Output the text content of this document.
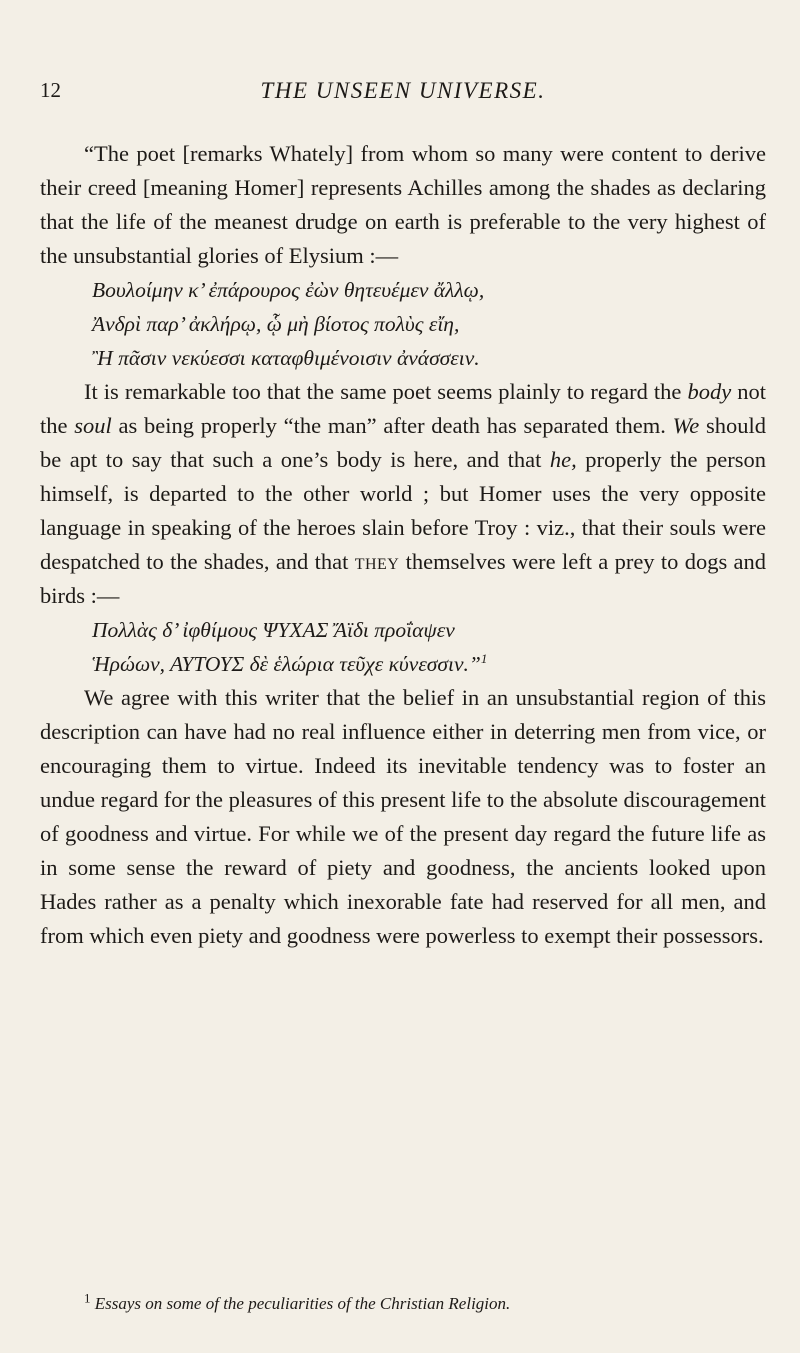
12	THE UNSEEN UNIVERSE.

“The poet [remarks Whately] from whom so many were content to derive their creed [meaning Homer] represents Achilles among the shades as declaring that the life of the meanest drudge on earth is preferable to the very highest of the unsubstantial glories of Elysium :—

Βουλοίμην κ’ ἐπάρουρος ἐὼν θητευέμεν ἄλλῳ,
Ἀνδρὶ παρ’ ἀκλήρῳ, ᾧ μὴ βίοτος πολὺς εἴη,
Ἢ πᾶσιν νεκύεσσι καταφθιμένοισιν ἀνάσσειν.

It is remarkable too that the same poet seems plainly to regard the body not the soul as being properly “the man” after death has separated them. We should be apt to say that such a one’s body is here, and that he, properly the person himself, is departed to the other world ; but Homer uses the very opposite language in speaking of the heroes slain before Troy : viz., that their souls were despatched to the shades, and that they themselves were left a prey to dogs and birds :—

Πολλὰς δ’ ἰφθίμους ΨΥΧΑΣ Ἄϊδι προΐαψεν
Ἡρώων, ΑΥΤΟΥΣ δὲ ἑλώρια τεῦχε κύνεσσιν.”$^1$

We agree with this writer that the belief in an unsubstantial region of this description can have had no real influence either in deterring men from vice, or encouraging them to virtue. Indeed its inevitable tendency was to foster an undue regard for the pleasures of this present life to the absolute discouragement of goodness and virtue. For while we of the present day regard the future life as in some sense the reward of piety and goodness, the ancients looked upon Hades rather as a penalty which inexorable fate had reserved for all men, and from which even piety and goodness were powerless to exempt their possessors.

$^1$ Essays on some of the peculiarities of the Christian Religion.
